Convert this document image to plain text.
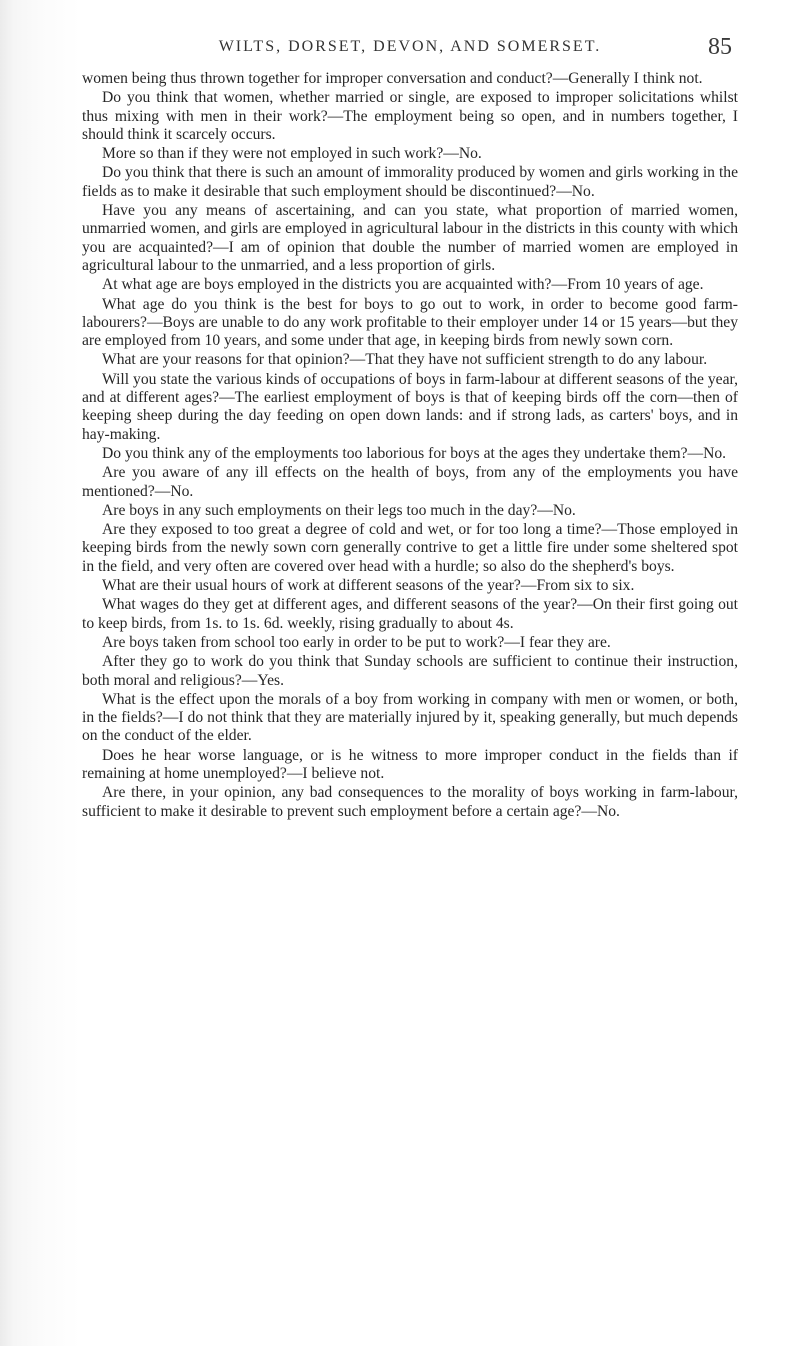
WILTS, DORSET, DEVON, AND SOMERSET.	85

women being thus thrown together for improper conversation and conduct?—Generally I think not.

Do you think that women, whether married or single, are exposed to improper solicitations whilst thus mixing with men in their work?—The employment being so open, and in numbers together, I should think it scarcely occurs.

More so than if they were not employed in such work?—No.

Do you think that there is such an amount of immorality produced by women and girls working in the fields as to make it desirable that such employment should be discontinued?—No.

Have you any means of ascertaining, and can you state, what proportion of married women, unmarried women, and girls are employed in agricultural labour in the districts in this county with which you are acquainted?—I am of opinion that double the number of married women are employed in agricultural labour to the unmarried, and a less proportion of girls.

At what age are boys employed in the districts you are acquainted with?—From 10 years of age.

What age do you think is the best for boys to go out to work, in order to become good farm-labourers?—Boys are unable to do any work profitable to their employer under 14 or 15 years—but they are employed from 10 years, and some under that age, in keeping birds from newly sown corn.

What are your reasons for that opinion?—That they have not sufficient strength to do any labour.

Will you state the various kinds of occupations of boys in farm-labour at different seasons of the year, and at different ages?—The earliest employment of boys is that of keeping birds off the corn—then of keeping sheep during the day feeding on open down lands: and if strong lads, as carters' boys, and in hay-making.

Do you think any of the employments too laborious for boys at the ages they undertake them?—No.

Are you aware of any ill effects on the health of boys, from any of the employments you have mentioned?—No.

Are boys in any such employments on their legs too much in the day?—No.

Are they exposed to too great a degree of cold and wet, or for too long a time?—Those employed in keeping birds from the newly sown corn generally contrive to get a little fire under some sheltered spot in the field, and very often are covered over head with a hurdle; so also do the shepherd's boys.

What are their usual hours of work at different seasons of the year?—From six to six.

What wages do they get at different ages, and different seasons of the year?—On their first going out to keep birds, from 1s. to 1s. 6d. weekly, rising gradually to about 4s.

Are boys taken from school too early in order to be put to work?—I fear they are.

After they go to work do you think that Sunday schools are sufficient to continue their instruction, both moral and religious?—Yes.

What is the effect upon the morals of a boy from working in company with men or women, or both, in the fields?—I do not think that they are materially injured by it, speaking generally, but much depends on the conduct of the elder.

Does he hear worse language, or is he witness to more improper conduct in the fields than if remaining at home unemployed?—I believe not.

Are there, in your opinion, any bad consequences to the morality of boys working in farm-labour, sufficient to make it desirable to prevent such employment before a certain age?—No.
